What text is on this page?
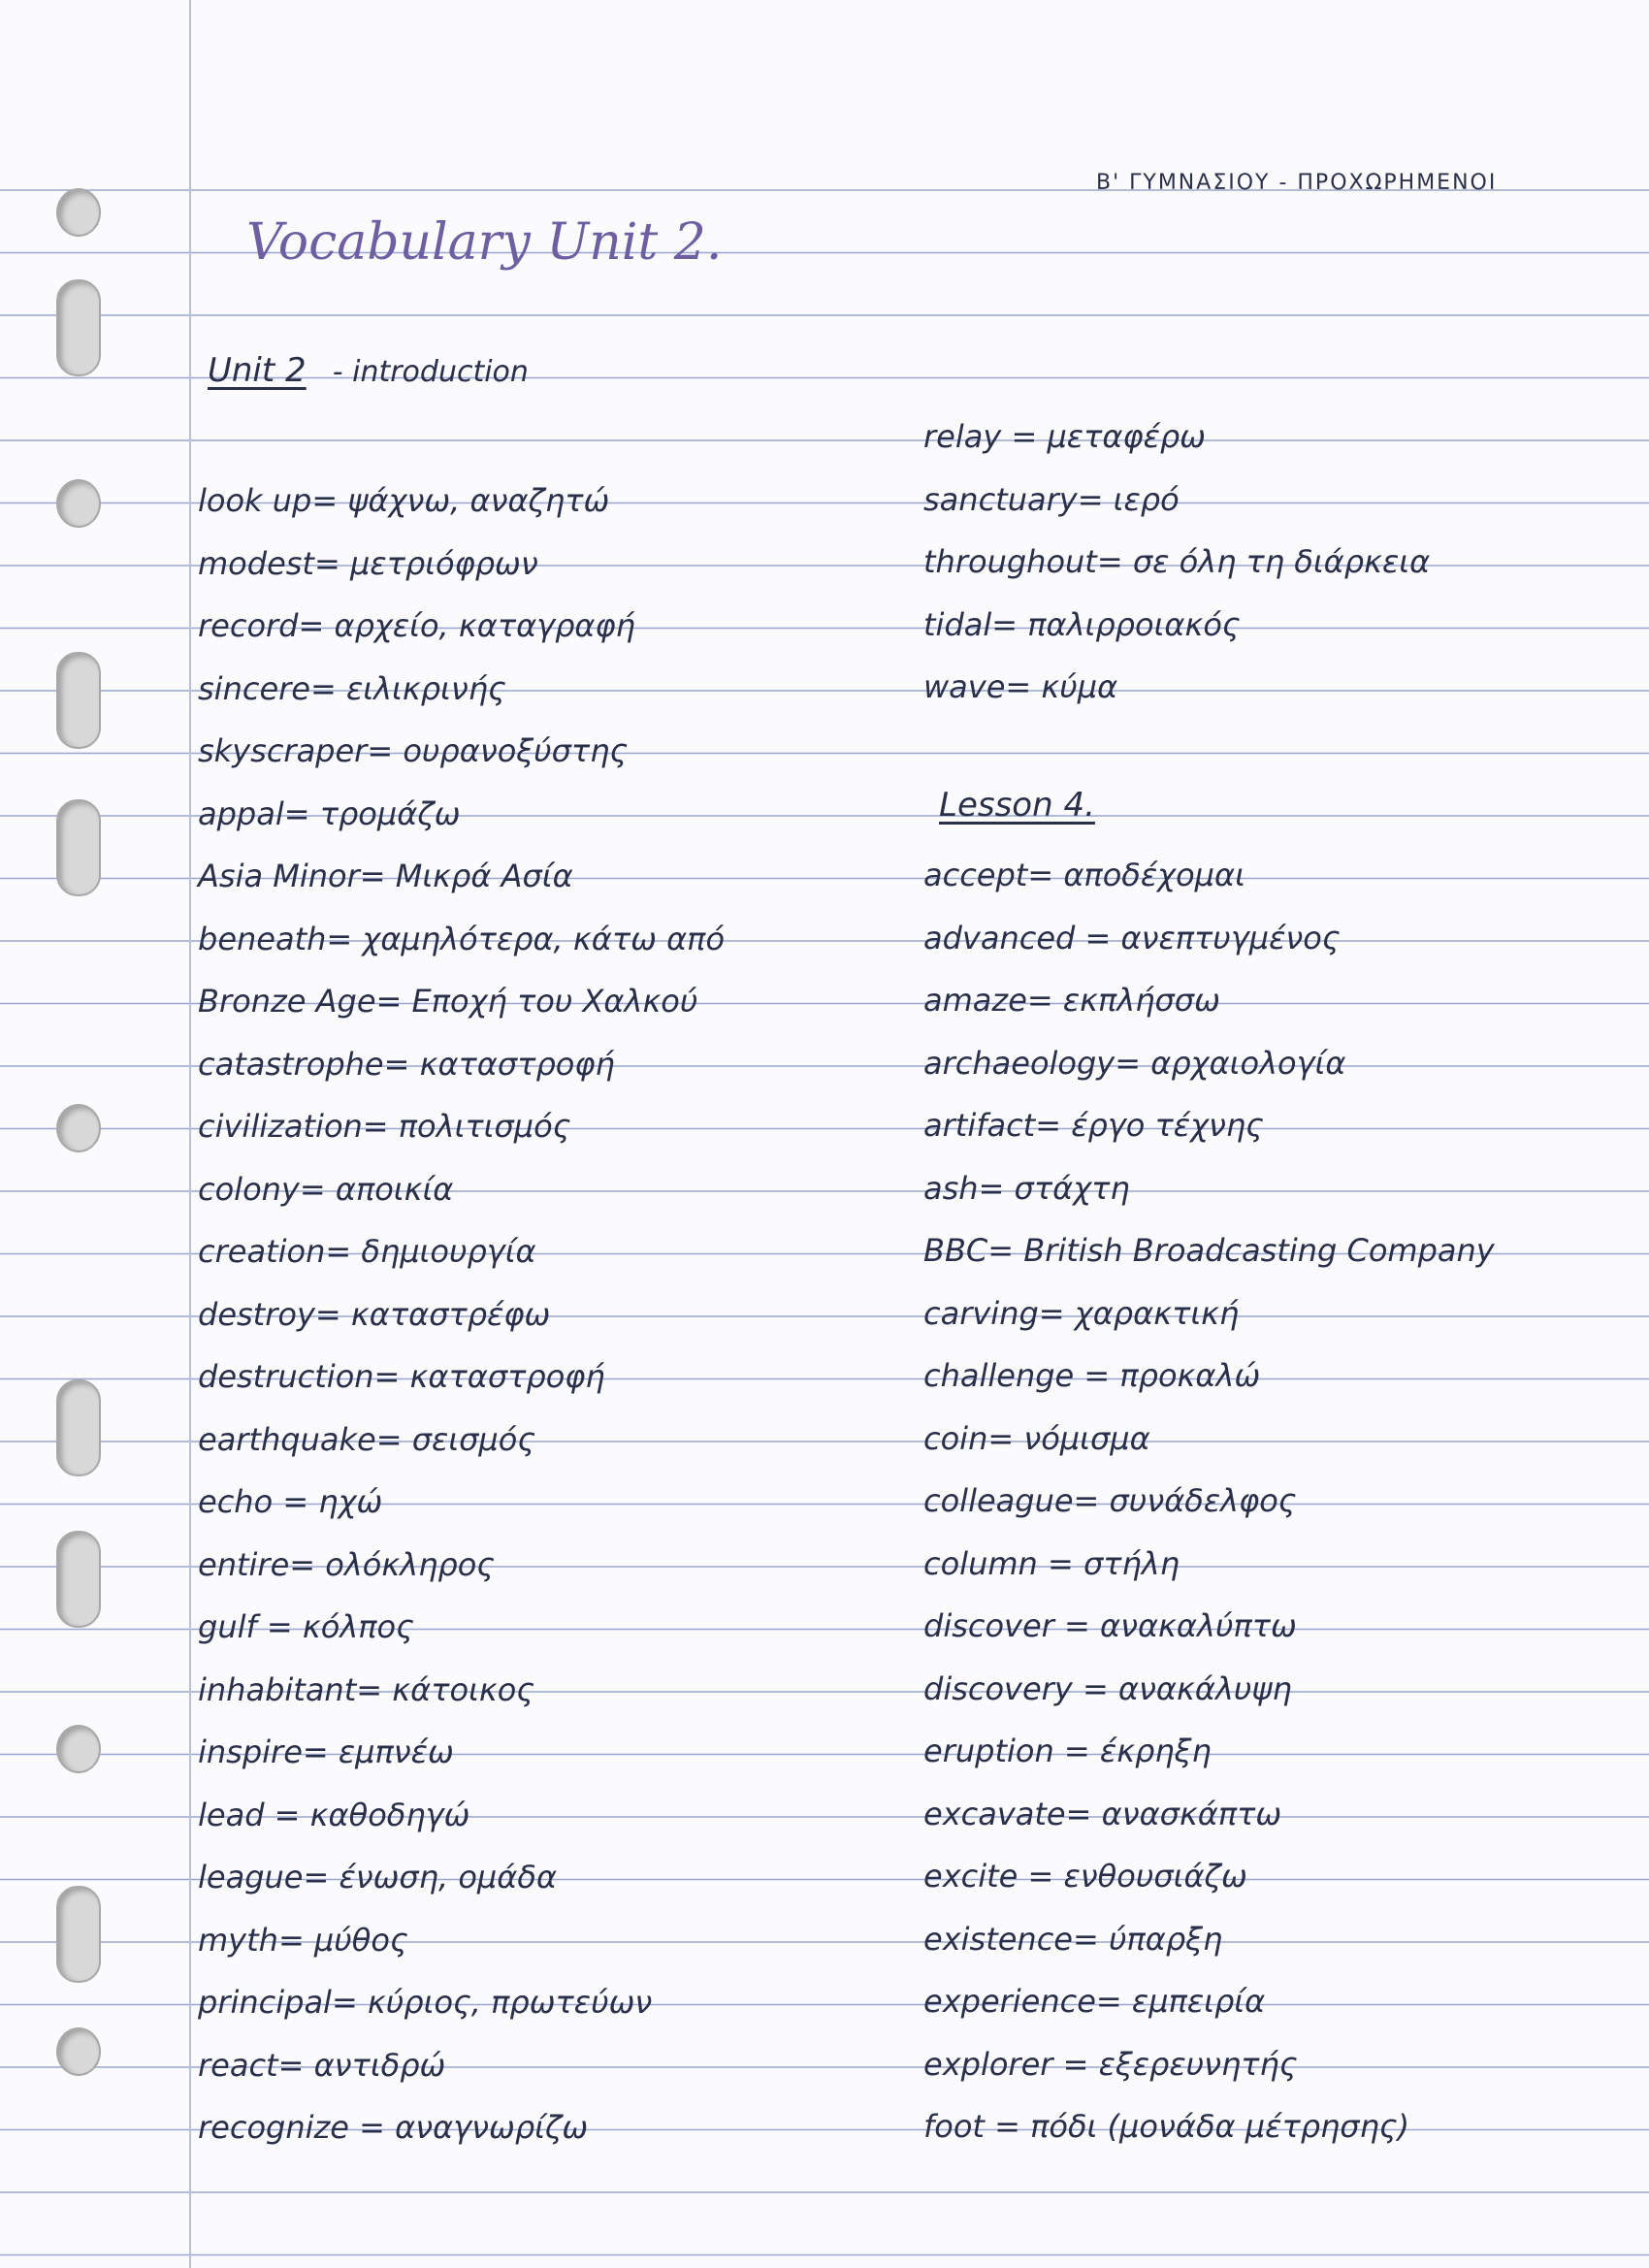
Β' ΓΥΜΝΑΣΙΟΥ - ΠΡΟΧΩΡΗΜΕΝΟΙ
Vocabulary Unit 2.
Unit 2 - introduction
Lesson 4.
look up= ψάχνω, αναζητώ
modest= μετριόφρων
record= αρχείο, καταγραφή
sincere= ειλικρινής
skyscraper= ουρανοξύστης
appal= τρομάζω
Asia Minor= Μικρά Ασία
beneath= χαμηλότερα, κάτω από
Bronze Age= Εποχή του Χαλκού
catastrophe= καταστροφή
civilization= πολιτισμός
colony= αποικία
creation= δημιουργία
destroy= καταστρέφω
destruction= καταστροφή
earthquake= σεισμός
echo = ηχώ
entire= ολόκληρος
gulf = κόλπος
inhabitant= κάτοικος
inspire= εμπνέω
lead = καθοδηγώ
league= ένωση, ομάδα
myth= μύθος
principal= κύριος, πρωτεύων
react= αντιδρώ
recognize = αναγνωρίζω
relay = μεταφέρω
sanctuary= ιερό
throughout= σε όλη τη διάρκεια
tidal= παλιρροιακός
wave= κύμα
accept= αποδέχομαι
advanced = ανεπτυγμένος
amaze= εκπλήσσω
archaeology= αρχαιολογία
artifact= έργο τέχνης
ash= στάχτη
BBC= British Broadcasting Company
carving= χαρακτική
challenge = προκαλώ
coin= νόμισμα
colleague= συνάδελφος
column = στήλη
discover = ανακαλύπτω
discovery = ανακάλυψη
eruption = έκρηξη
excavate= ανασκάπτω
excite = ενθουσιάζω
existence= ύπαρξη
experience= εμπειρία
explorer = εξερευνητής
foot = πόδι (μονάδα μέτρησης)
